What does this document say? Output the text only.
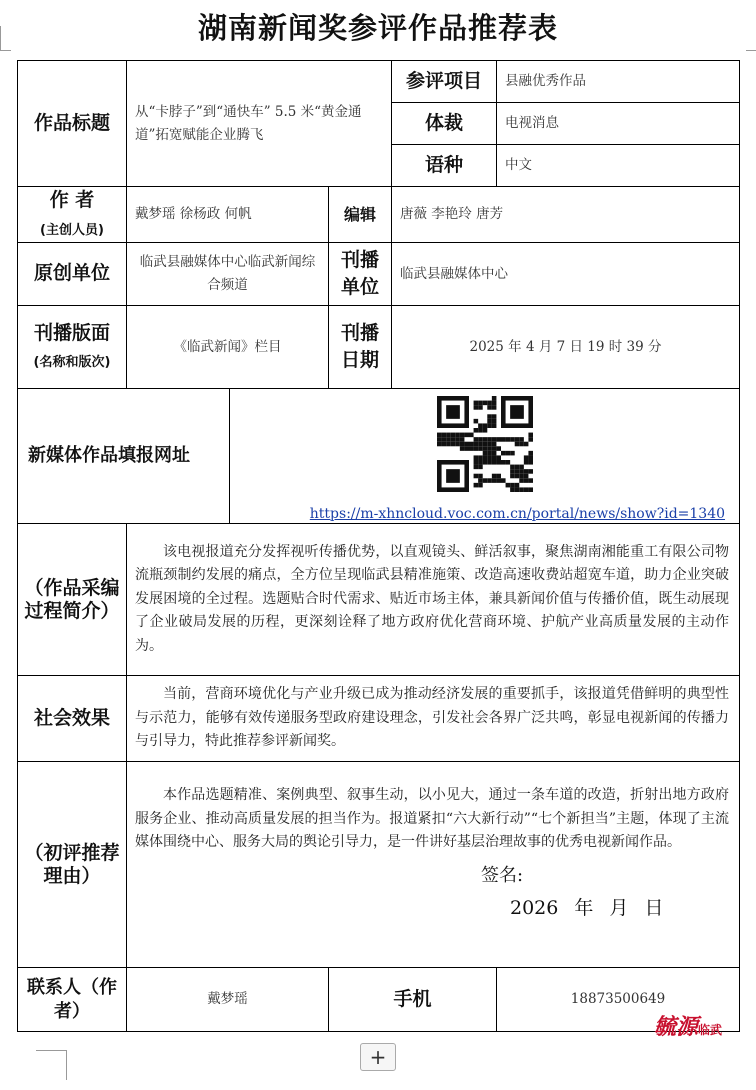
湖南新闻奖参评作品推荐表
作品标题	从“卡脖子”到“通快车” 5.5 米“黄金通道”拓宽赋能企业腾飞			参评项目	县融优秀作品
				体裁	电视消息
				语种	中文

作 者
(主创人员)	戴梦瑶 徐杨政 何帆		编辑	唐薇 李艳玲 唐芳	
原创单位	临武县融媒体中心临武新闻综合频道		刊播单位	临武县融媒体中心	

刊播版面
(名称和版次)	《临武新闻》栏目		刊播日期	2025 年 4 月 7 日 19 时 39 分	
新媒体作品填报网址		https://m-xhncloud.voc.com.cn/portal/news/show?id=1340			

（作品采编过程简介）	该电视报道充分发挥视听传播优势，以直观镜头、鲜活叙事，聚焦湖南湘能重工有限公司物流瓶颈制约发展的痛点，全方位呈现临武县精准施策、改造高速收费站超宽车道，助力企业突破发展困境的全过程。选题贴合时代需求、贴近市场主体，兼具新闻价值与传播价值，既生动展现了企业破局发展的历程，更深刻诠释了地方政府优化营商环境、护航产业高质量发展的主动作为。				
社会效果	当前，营商环境优化与产业升级已成为推动经济发展的重要抓手，该报道凭借鲜明的典型性与示范力，能够有效传递服务型政府建设理念，引发社会各界广泛共鸣，彰显电视新闻的传播力与引导力，特此推荐参评新闻奖。				
（初评推荐理由）	本作品选题精准、案例典型、叙事生动，以小见大，通过一条车道的改造，折射出地方政府服务企业、推动高质量发展的担当作为。报道紧扣“六大新行动”“七个新担当”主题，体现了主流媒体围绕中心、服务大局的舆论引导力，是一件讲好基层治理故事的优秀电视新闻作品。
签名:
2026 年 月 日				

联系人（作者）	戴梦瑶		手机		18873500649
+
毓源临武
